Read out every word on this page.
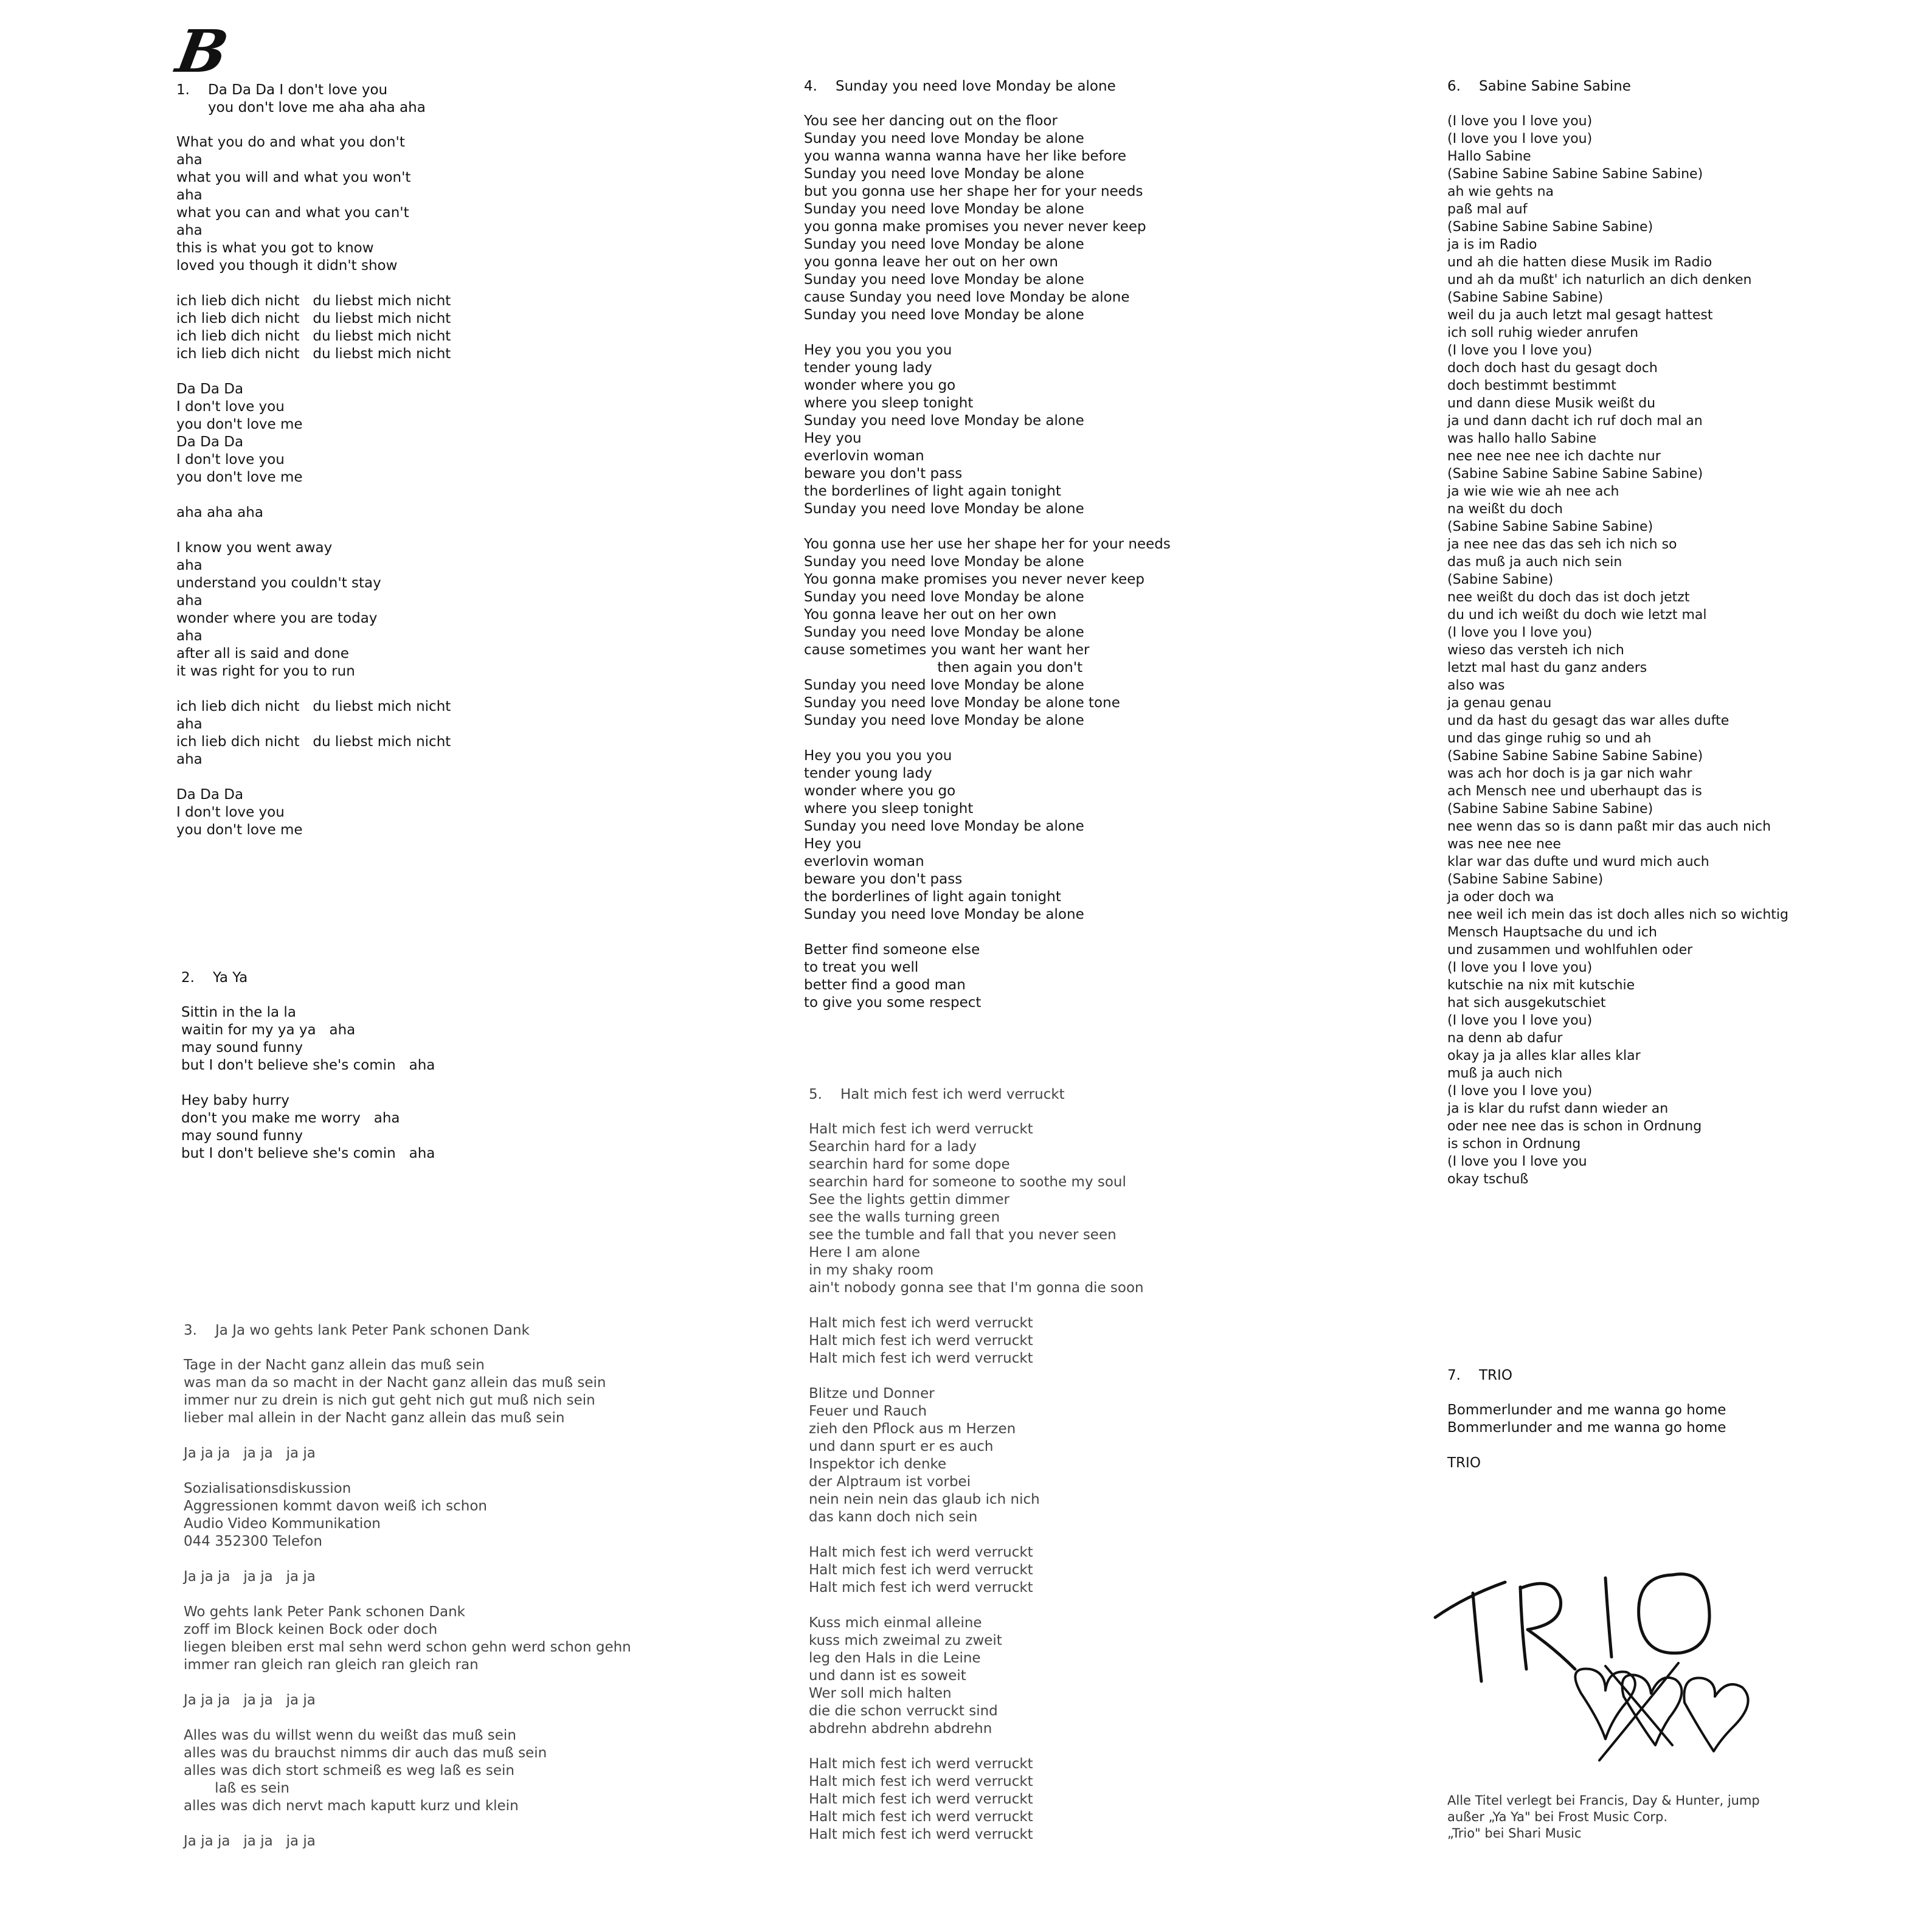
B
1. Da Da Da I don't love you
you don't love me aha aha aha
What you do and what you don't
aha
what you will and what you won't
aha
what you can and what you can't
aha
this is what you got to know
loved you though it didn't show
ich lieb dich nicht   du liebst mich nicht
ich lieb dich nicht   du liebst mich nicht
ich lieb dich nicht   du liebst mich nicht
ich lieb dich nicht   du liebst mich nicht
Da Da Da
I don't love you
you don't love me
Da Da Da
I don't love you
you don't love me
aha aha aha
I know you went away
aha
understand you couldn't stay
aha
wonder where you are today
aha
after all is said and done
it was right for you to run
ich lieb dich nicht   du liebst mich nicht
aha
ich lieb dich nicht   du liebst mich nicht
aha
Da Da Da
I don't love you
you don't love me
2. Ya Ya
Sittin in the la la
waitin for my ya ya   aha
may sound funny
but I don't believe she's comin   aha
Hey baby hurry
don't you make me worry   aha
may sound funny
but I don't believe she's comin   aha
3. Ja Ja wo gehts lank Peter Pank schonen Dank
Tage in der Nacht ganz allein das muß sein
was man da so macht in der Nacht ganz allein das muß sein
immer nur zu drein is nich gut geht nich gut muß nich sein
lieber mal allein in der Nacht ganz allein das muß sein
Ja ja ja   ja ja   ja ja
Sozialisationsdiskussion
Aggressionen kommt davon weiß ich schon
Audio Video Kommunikation
044 352300 Telefon
Ja ja ja   ja ja   ja ja
Wo gehts lank Peter Pank schonen Dank
zoff im Block keinen Bock oder doch
liegen bleiben erst mal sehn werd schon gehn werd schon gehn
immer ran gleich ran gleich ran gleich ran
Ja ja ja   ja ja   ja ja
Alles was du willst wenn du weißt das muß sein
alles was du brauchst nimms dir auch das muß sein
alles was dich stort schmeiß es weg laß es sein
laß es sein
alles was dich nervt mach kaputt kurz und klein
Ja ja ja   ja ja   ja ja
4. Sunday you need love Monday be alone
You see her dancing out on the floor
Sunday you need love Monday be alone
you wanna wanna wanna have her like before
Sunday you need love Monday be alone
but you gonna use her shape her for your needs
Sunday you need love Monday be alone
you gonna make promises you never never keep
Sunday you need love Monday be alone
you gonna leave her out on her own
Sunday you need love Monday be alone
cause Sunday you need love Monday be alone
Sunday you need love Monday be alone
Hey you you you you
tender young lady
wonder where you go
where you sleep tonight
Sunday you need love Monday be alone
Hey you
everlovin woman
beware you don't pass
the borderlines of light again tonight
Sunday you need love Monday be alone
You gonna use her use her shape her for your needs
Sunday you need love Monday be alone
You gonna make promises you never never keep
Sunday you need love Monday be alone
You gonna leave her out on her own
Sunday you need love Monday be alone
cause sometimes you want her want her
then again you don't
Sunday you need love Monday be alone
Sunday you need love Monday be alone tone
Sunday you need love Monday be alone
Hey you you you you
tender young lady
wonder where you go
where you sleep tonight
Sunday you need love Monday be alone
Hey you
everlovin woman
beware you don't pass
the borderlines of light again tonight
Sunday you need love Monday be alone
Better find someone else
to treat you well
better find a good man
to give you some respect
5. Halt mich fest ich werd verruckt
Halt mich fest ich werd verruckt
Searchin hard for a lady
searchin hard for some dope
searchin hard for someone to soothe my soul
See the lights gettin dimmer
see the walls turning green
see the tumble and fall that you never seen
Here I am alone
in my shaky room
ain't nobody gonna see that I'm gonna die soon
Halt mich fest ich werd verruckt
Halt mich fest ich werd verruckt
Halt mich fest ich werd verruckt
Blitze und Donner
Feuer und Rauch
zieh den Pflock aus m Herzen
und dann spurt er es auch
Inspektor ich denke
der Alptraum ist vorbei
nein nein nein das glaub ich nich
das kann doch nich sein
Halt mich fest ich werd verruckt
Halt mich fest ich werd verruckt
Halt mich fest ich werd verruckt
Kuss mich einmal alleine
kuss mich zweimal zu zweit
leg den Hals in die Leine
und dann ist es soweit
Wer soll mich halten
die die schon verruckt sind
abdrehn abdrehn abdrehn
Halt mich fest ich werd verruckt
Halt mich fest ich werd verruckt
Halt mich fest ich werd verruckt
Halt mich fest ich werd verruckt
Halt mich fest ich werd verruckt
6. Sabine Sabine Sabine
(I love you I love you)
(I love you I love you)
Hallo Sabine
(Sabine Sabine Sabine Sabine Sabine)
ah wie gehts na
paß mal auf
(Sabine Sabine Sabine Sabine)
ja is im Radio
und ah die hatten diese Musik im Radio
und ah da mußt' ich naturlich an dich denken
(Sabine Sabine Sabine)
weil du ja auch letzt mal gesagt hattest
ich soll ruhig wieder anrufen
(I love you I love you)
doch doch hast du gesagt doch
doch bestimmt bestimmt
und dann diese Musik weißt du
ja und dann dacht ich ruf doch mal an
was hallo hallo Sabine
nee nee nee nee ich dachte nur
(Sabine Sabine Sabine Sabine Sabine)
ja wie wie wie ah nee ach
na weißt du doch
(Sabine Sabine Sabine Sabine)
ja nee nee das das seh ich nich so
das muß ja auch nich sein
(Sabine Sabine)
nee weißt du doch das ist doch jetzt
du und ich weißt du doch wie letzt mal
(I love you I love you)
wieso das versteh ich nich
letzt mal hast du ganz anders
also was
ja genau genau
und da hast du gesagt das war alles dufte
und das ginge ruhig so und ah
(Sabine Sabine Sabine Sabine Sabine)
was ach hor doch is ja gar nich wahr
ach Mensch nee und uberhaupt das is
(Sabine Sabine Sabine Sabine)
nee wenn das so is dann paßt mir das auch nich
was nee nee nee
klar war das dufte und wurd mich auch
(Sabine Sabine Sabine)
ja oder doch wa
nee weil ich mein das ist doch alles nich so wichtig
Mensch Hauptsache du und ich
und zusammen und wohlfuhlen oder
(I love you I love you)
kutschie na nix mit kutschie
hat sich ausgekutschiet
(I love you I love you)
na denn ab dafur
okay ja ja alles klar alles klar
muß ja auch nich
(I love you I love you)
ja is klar du rufst dann wieder an
oder nee nee das is schon in Ordnung
is schon in Ordnung
(I love you I love you
okay tschuß
7. TRIO
Bommerlunder and me wanna go home
Bommerlunder and me wanna go home
TRIO
Alle Titel verlegt bei Francis, Day & Hunter, jump
außer „Ya Ya" bei Frost Music Corp.
„Trio" bei Shari Music
